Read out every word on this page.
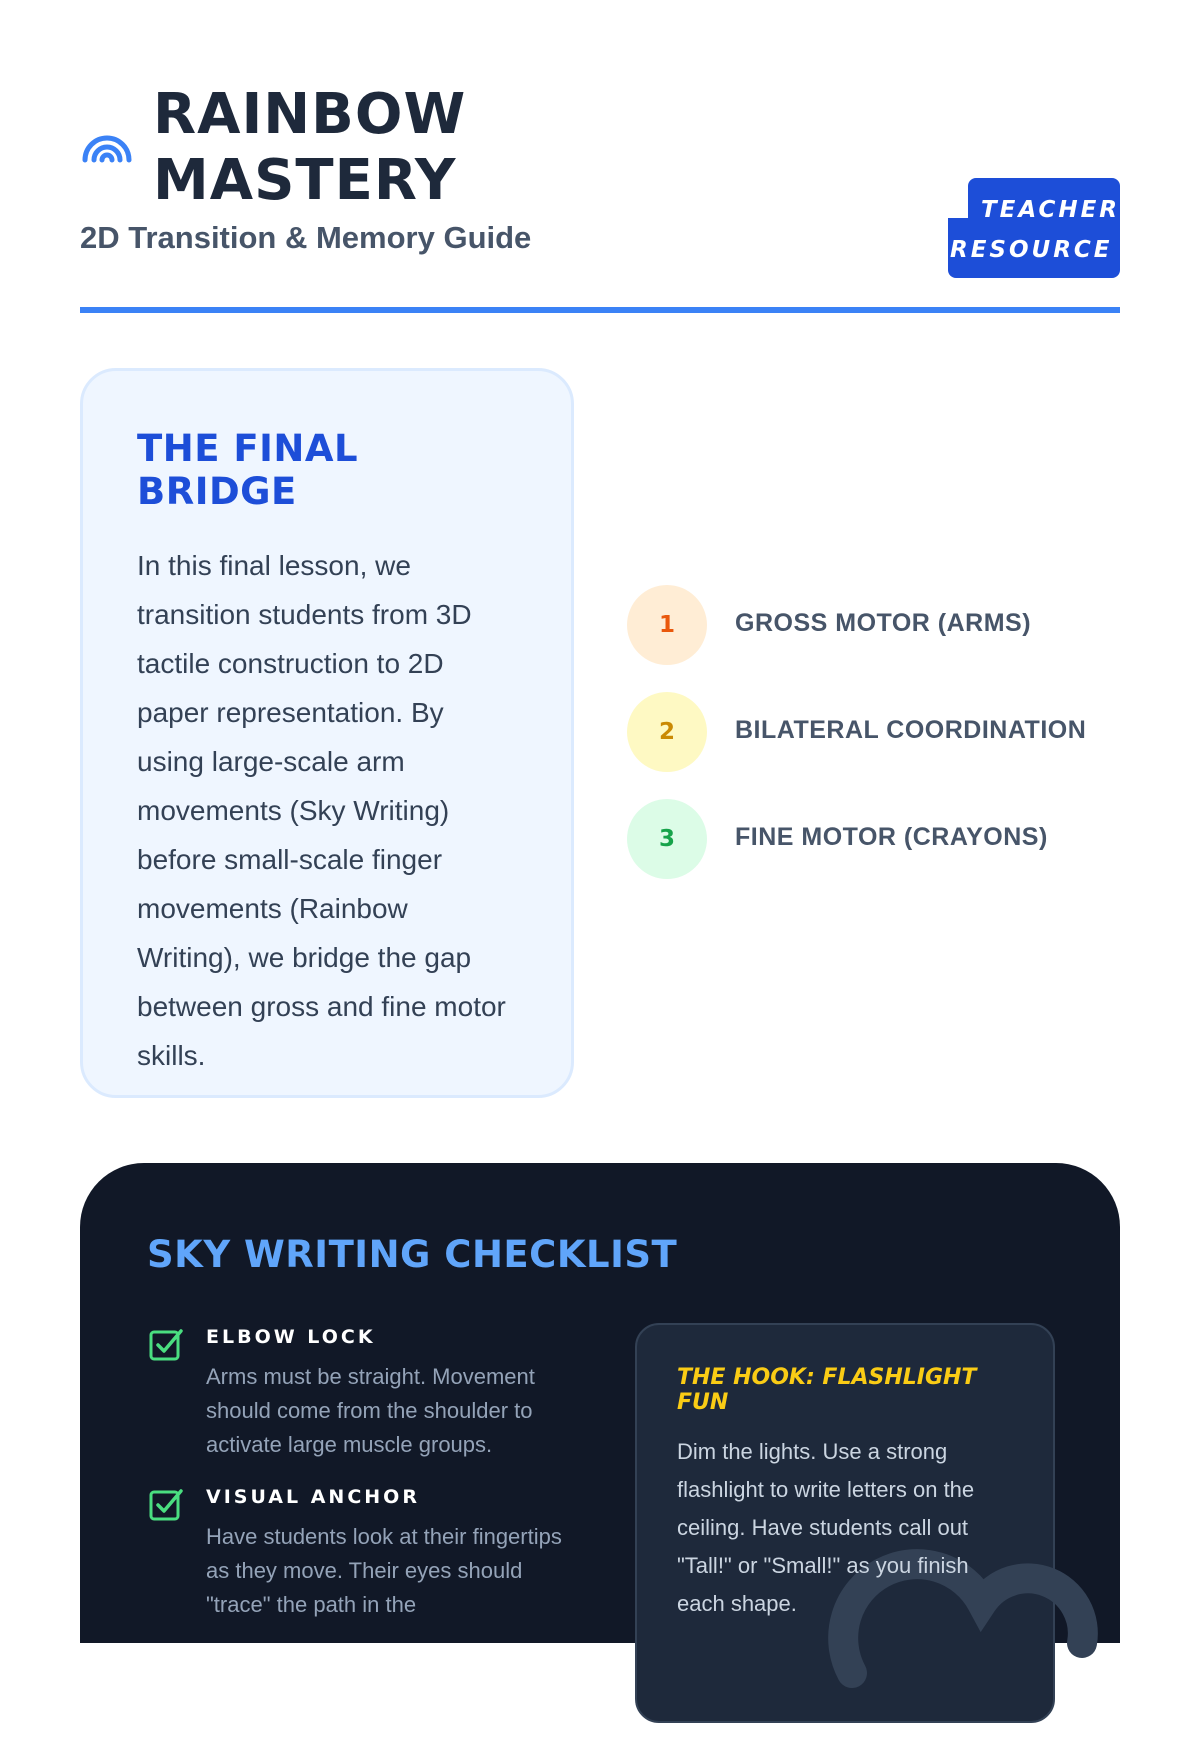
RAINBOW
MASTERY
2D Transition & Memory Guide
TEACHER
RESOURCE
THE FINAL BRIDGE
In this final lesson, we transition students from 3D tactile construction to 2D paper representation. By using large-scale arm movements (Sky Writing) before small-scale finger movements (Rainbow Writing), we bridge the gap between gross and fine motor skills.
1	GROSS MOTOR (ARMS)
2	BILATERAL COORDINATION
3	FINE MOTOR (CRAYONS)
SKY WRITING CHECKLIST
ELBOW LOCK
Arms must be straight. Movement should come from the shoulder to activate large muscle groups.
VISUAL ANCHOR
Have students look at their fingertips as they move. Their eyes should "trace" the path in the
THE HOOK: FLASHLIGHT FUN
Dim the lights. Use a strong flashlight to write letters on the ceiling. Have students call out "Tall!" or "Small!" as you finish each shape.
